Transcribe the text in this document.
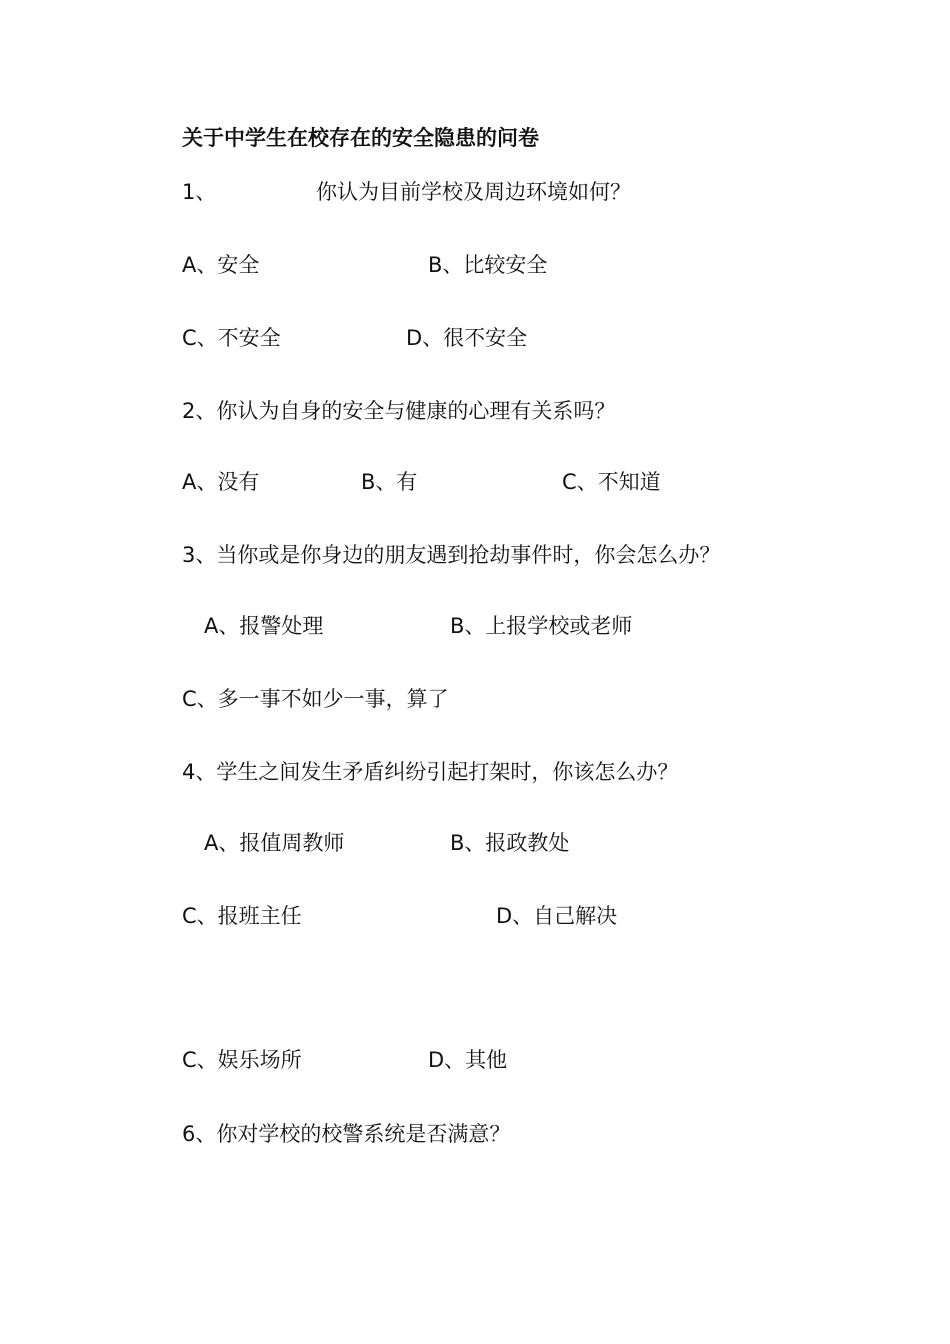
关于中学生在校存在的安全隐患的问卷
1、	你认为目前学校及周边环境如何？
A、安全	B、比较安全
C、不安全	D、很不安全
2、你认为自身的安全与健康的心理有关系吗？
A、没有	B、有	C、不知道
3、当你或是你身边的朋友遇到抢劫事件时，你会怎么办？
A、报警处理	B、上报学校或老师
C、多一事不如少一事，算了
4、学生之间发生矛盾纠纷引起打架时，你该怎么办？
A、报值周教师	B、报政教处
C、报班主任	D、自己解决
C、娱乐场所	D、其他
6、你对学校的校警系统是否满意？
